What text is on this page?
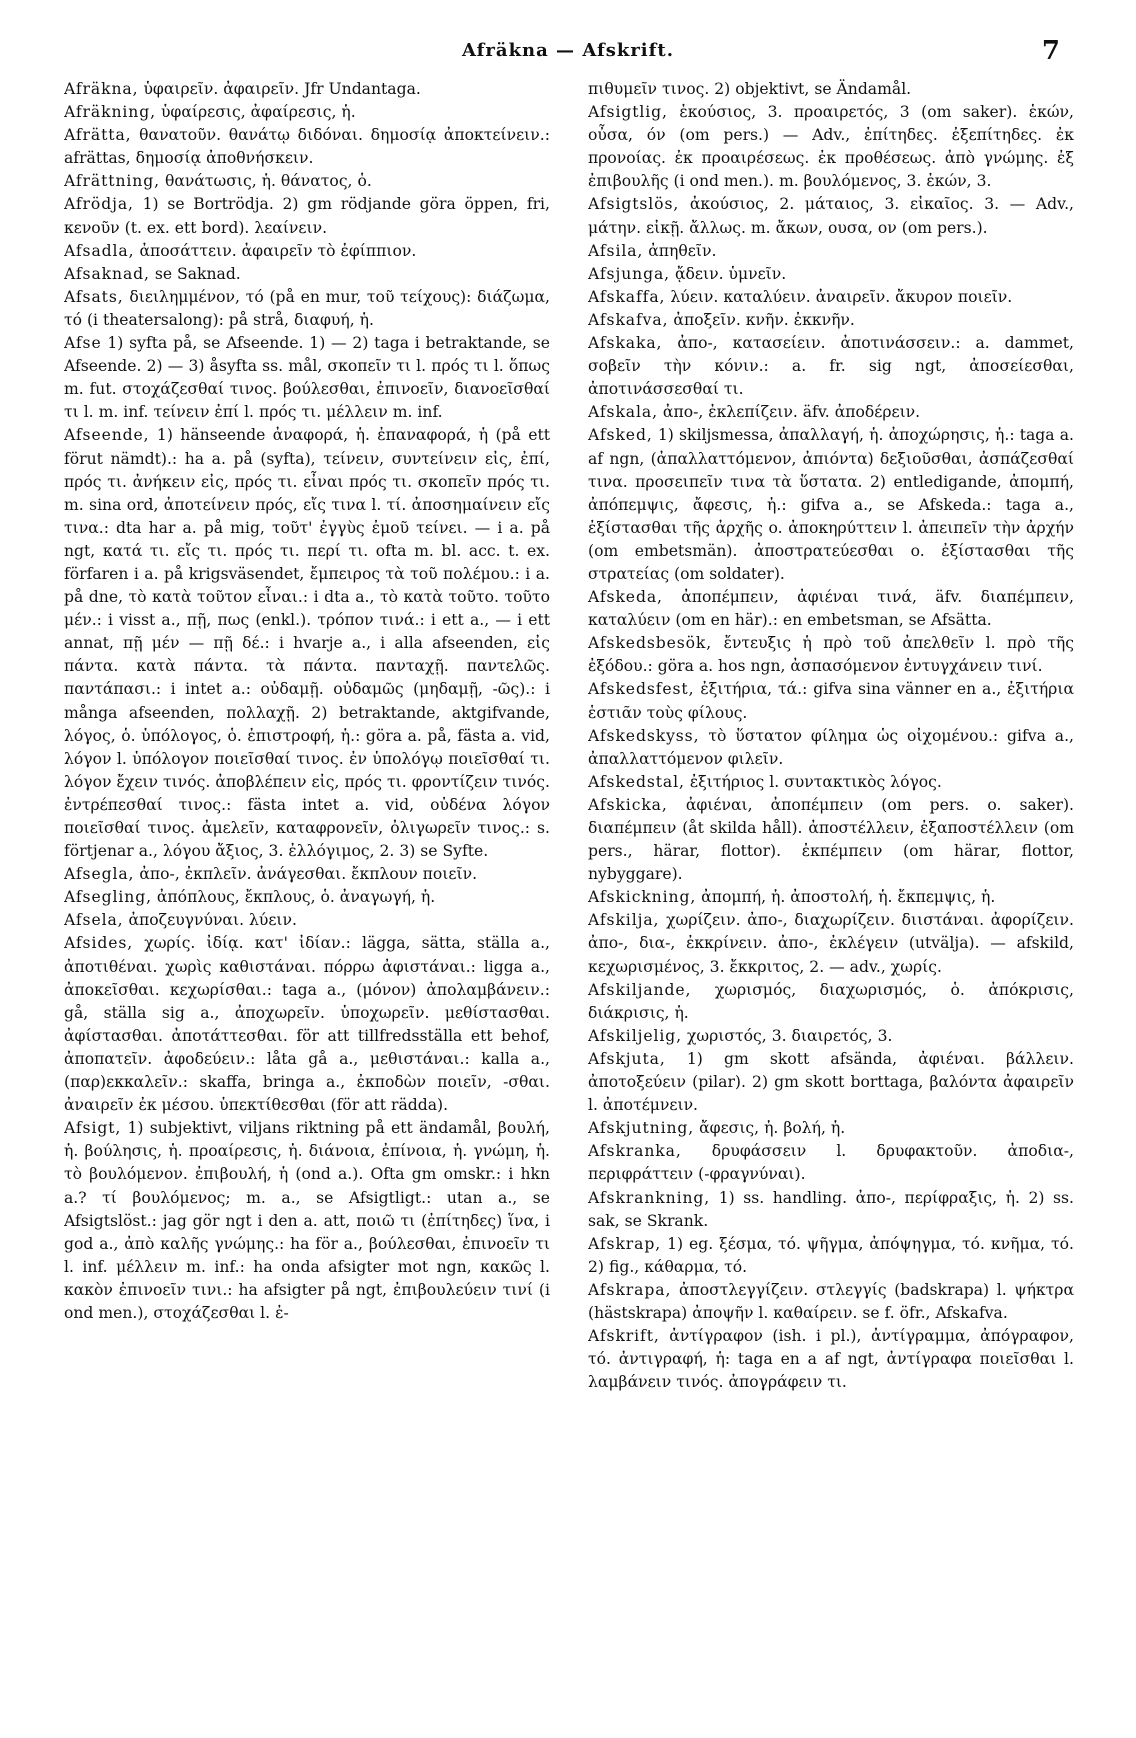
Afräkna — Afskrift.	7

Afräkna, ὑφαιρεῖν. ἀφαιρεῖν. Jfr Undantaga.

Afräkning, ὑφαίρεσις, ἀφαίρεσις, ἡ.

Afrätta, θανατοῦν. θανάτῳ διδόναι. δημοσίᾳ ἀποκτείνειν.: afrättas, δημοσίᾳ ἀποθνήσκειν.

Afrättning, θανάτωσις, ἡ. θάνατος, ὁ.

Afrödja, 1) se Bortrödja. 2) gm rödjande göra öppen, fri, κενοῦν (t. ex. ett bord). λεαίνειν.

Afsadla, ἀποσάττειν. ἀφαιρεῖν τὸ ἐφίππιον.

Afsaknad, se Saknad.

Afsats, διειλημμένον, τό (på en mur, τοῦ τείχους): διάζωμα, τό (i theatersalong): på strå, διαφυή, ἡ.

Afse 1) syfta på, se Afseende. 1) — 2) taga i betraktande, se Afseende. 2) — 3) åsyfta ss. mål, σκοπεῖν τι l. πρός τι l. ὅπως m. fut. στοχάζεσθαί τινος. βούλεσθαι, ἐπινοεῖν, διανοεῖσθαί τι l. m. inf. τείνειν ἐπί l. πρός τι. μέλλειν m. inf.

Afseende, 1) hänseende ἀναφορά, ἡ. ἐπαναφορά, ἡ (på ett förut nämdt).: ha a. på (syfta), τείνειν, συντείνειν εἰς, ἐπί, πρός τι. ἀνήκειν εἰς, πρός τι. εἶναι πρός τι. σκοπεῖν πρός τι. m. sina ord, ἀποτείνειν πρός, εἴς τινα l. τί. ἀποσημαίνειν εἴς τινα.: dta har a. på mig, τοῦτ' ἐγγὺς ἐμοῦ τείνει. — i a. på ngt, κατά τι. εἴς τι. πρός τι. περί τι. ofta m. bl. acc. t. ex. förfaren i a. på krigsväsendet, ἔμπειρος τὰ τοῦ πολέμου.: i a. på dne, τὸ κατὰ τοῦτον εἶναι.: i dta a., τὸ κατὰ τοῦτο. τοῦτο μέν.: i visst a., πῇ, πως (enkl.). τρόπον τινά.: i ett a., — i ett annat, πῇ μέν — πῇ δέ.: i hvarje a., i alla afseenden, εἰς πάντα. κατὰ πάντα. τὰ πάντα. πανταχῇ. παντελῶς. παντάπασι.: i intet a.: οὐδαμῇ. οὐδαμῶς (μηδαμῇ, -ῶς).: i många afseenden, πολλαχῇ. 2) betraktande, aktgifvande, λόγος, ὁ. ὑπόλογος, ὁ. ἐπιστροφή, ἡ.: göra a. på, fästa a. vid, λόγον l. ὑπόλογον ποιεῖσθαί τινος. ἐν ὑπολόγῳ ποιεῖσθαί τι. λόγον ἔχειν τινός. ἀποβλέπειν εἰς, πρός τι. φροντίζειν τινός. ἐντρέπεσθαί τινος.: fästa intet a. vid, οὐδένα λόγον ποιεῖσθαί τινος. ἀμελεῖν, καταφρονεῖν, ὀλιγωρεῖν τινος.: s. förtjenar a., λόγου ἄξιος, 3. ἐλλόγιμος, 2. 3) se Syfte.

Afsegla, ἀπο-, ἐκπλεῖν. ἀνάγεσθαι. ἔκπλουν ποιεῖν.

Afsegling, ἀπόπλους, ἔκπλους, ὁ. ἀναγωγή, ἡ.

Afsela, ἀποζευγνύναι. λύειν.

Afsides, χωρίς. ἰδίᾳ. κατ' ἰδίαν.: lägga, sätta, ställa a., ἀποτιθέναι. χωρὶς καθιστάναι. πόρρω ἀφιστάναι.: ligga a., ἀποκεῖσθαι. κεχωρίσθαι.: taga a., (μόνον) ἀπολαμβάνειν.: gå, ställa sig a., ἀποχωρεῖν. ὑποχωρεῖν. μεθίστασθαι. ἀφίστασθαι. ἀποτάττεσθαι. för att tillfredsställa ett behof, ἀποπατεῖν. ἀφοδεύειν.: låta gå a., μεθιστάναι.: kalla a., (παρ)εκκαλεῖν.: skaffa, bringa a., ἐκποδὼν ποιεῖν, -σθαι. ἀναιρεῖν ἐκ μέσου. ὑπεκτίθεσθαι (för att rädda).

Afsigt, 1) subjektivt, viljans riktning på ett ändamål, βουλή, ἡ. βούλησις, ἡ. προαίρεσις, ἡ. διάνοια, ἐπίνοια, ἡ. γνώμη, ἡ. τὸ βουλόμενον. ἐπιβουλή, ἡ (ond a.). Ofta gm omskr.: i hkn a.? τί βουλόμενος; m. a., se Afsigtligt.: utan a., se Afsigtslöst.: jag gör ngt i den a. att, ποιῶ τι (ἐπίτηδες) ἵνα, i god a., ἀπὸ καλῆς γνώμης.: ha för a., βούλεσθαι, ἐπινοεῖν τι l. inf. μέλλειν m. inf.: ha onda afsigter mot ngn, κακῶς l. κακὸν ἐπινοεῖν τινι.: ha afsigter på ngt, ἐπιβουλεύειν τινί (i ond men.), στοχάζεσθαι l. ἐ-

πιθυμεῖν τινος. 2) objektivt, se Ändamål.

Afsigtlig, ἑκούσιος, 3. προαιρετός, 3 (om saker). ἑκών, οὖσα, όν (om pers.) — Adv., ἐπίτηδες. ἐξεπίτηδες. ἐκ προνοίας. ἐκ προαιρέσεως. ἐκ προθέσεως. ἀπὸ γνώμης. ἐξ ἐπιβουλῆς (i ond men.). m. βουλόμενος, 3. ἑκών, 3.

Afsigtslös, ἀκούσιος, 2. μάταιος, 3. εἰκαῖος. 3. — Adv., μάτην. εἰκῇ. ἄλλως. m. ἄκων, ουσα, ον (om pers.).

Afsila, ἀπηθεῖν.

Afsjunga, ᾄδειν. ὑμνεῖν.

Afskaffa, λύειν. καταλύειν. ἀναιρεῖν. ἄκυρον ποιεῖν.

Afskafva, ἀποξεῖν. κνῆν. ἐκκνῆν.

Afskaka, ἀπο-, κατασείειν. ἀποτινάσσειν.: a. dammet, σοβεῖν τὴν κόνιν.: a. fr. sig ngt, ἀποσείεσθαι, ἀποτινάσσεσθαί τι.

Afskala, ἀπο-, ἐκλεπίζειν. äfv. ἀποδέρειν.

Afsked, 1) skiljsmessa, ἀπαλλαγή, ἡ. ἀποχώρησις, ἡ.: taga a. af ngn, (ἀπαλλαττόμενον, ἀπιόντα) δεξιοῦσθαι, ἀσπάζεσθαί τινα. προσειπεῖν τινα τὰ ὕστατα. 2) entledigande, ἀπομπή, ἀπόπεμψις, ἄφεσις, ἡ.: gifva a., se Afskeda.: taga a., ἐξίστασθαι τῆς ἀρχῆς o. ἀποκηρύττειν l. ἀπειπεῖν τὴν ἀρχήν (om embetsmän). ἀποστρατεύεσθαι o. ἐξίστασθαι τῆς στρατείας (om soldater).

Afskeda, ἀποπέμπειν, ἀφιέναι τινά, äfv. διαπέμπειν, καταλύειν (om en här).: en embetsman, se Afsätta.

Afskedsbesök, ἔντευξις ἡ πρὸ τοῦ ἀπελθεῖν l. πρὸ τῆς ἐξόδου.: göra a. hos ngn, ἀσπασόμενον ἐντυγχάνειν τινί.

Afskedsfest, ἐξιτήρια, τά.: gifva sina vänner en a., ἐξιτήρια ἑστιᾶν τοὺς φίλους.

Afskedskyss, τὸ ὕστατον φίλημα ὡς οἰχομένου.: gifva a., ἀπαλλαττόμενον φιλεῖν.

Afskedstal, ἐξιτήριος l. συντακτικὸς λόγος.

Afskicka, ἀφιέναι, ἀποπέμπειν (om pers. o. saker). διαπέμπειν (åt skilda håll). ἀποστέλλειν, ἐξαποστέλλειν (om pers., härar, flottor). ἐκπέμπειν (om härar, flottor, nybyggare).

Afskickning, ἀπομπή, ἡ. ἀποστολή, ἡ. ἔκπεμψις, ἡ.

Afskilja, χωρίζειν. ἀπο-, διαχωρίζειν. διιστάναι. ἀφορίζειν. ἀπο-, δια-, ἐκκρίνειν. ἀπο-, ἐκλέγειν (utvälja). — afskild, κεχωρισμένος, 3. ἔκκριτος, 2. — adv., χωρίς.

Afskiljande, χωρισμός, διαχωρισμός, ὁ. ἀπόκρισις, διάκρισις, ἡ.

Afskiljelig, χωριστός, 3. διαιρετός, 3.

Afskjuta, 1) gm skott afsända, ἀφιέναι. βάλλειν. ἀποτοξεύειν (pilar). 2) gm skott borttaga, βαλόντα ἀφαιρεῖν l. ἀποτέμνειν.

Afskjutning, ἄφεσις, ἡ. βολή, ἡ.

Afskranka, δρυφάσσειν l. δρυφακτοῦν. ἀποδια-, περιφράττειν (-φραγνύναι).

Afskrankning, 1) ss. handling. ἀπο-, περίφραξις, ἡ. 2) ss. sak, se Skrank.

Afskrap, 1) eg. ξέσμα, τό. ψῆγμα, ἀπόψηγμα, τό. κνῆμα, τό. 2) fig., κάθαρμα, τό.

Afskrapa, ἀποστλεγγίζειν. στλεγγίς (badskrapa) l. ψήκτρα (hästskrapa) ἀποψῆν l. καθαίρειν. se f. öfr., Afskafva.

Afskrift, ἀντίγραφον (ish. i pl.), ἀντίγραμμα, ἀπόγραφον, τό. ἀντιγραφή, ἡ: taga en a af ngt, ἀντίγραφα ποιεῖσθαι l. λαμβάνειν τινός. ἀπογράφειν τι.
